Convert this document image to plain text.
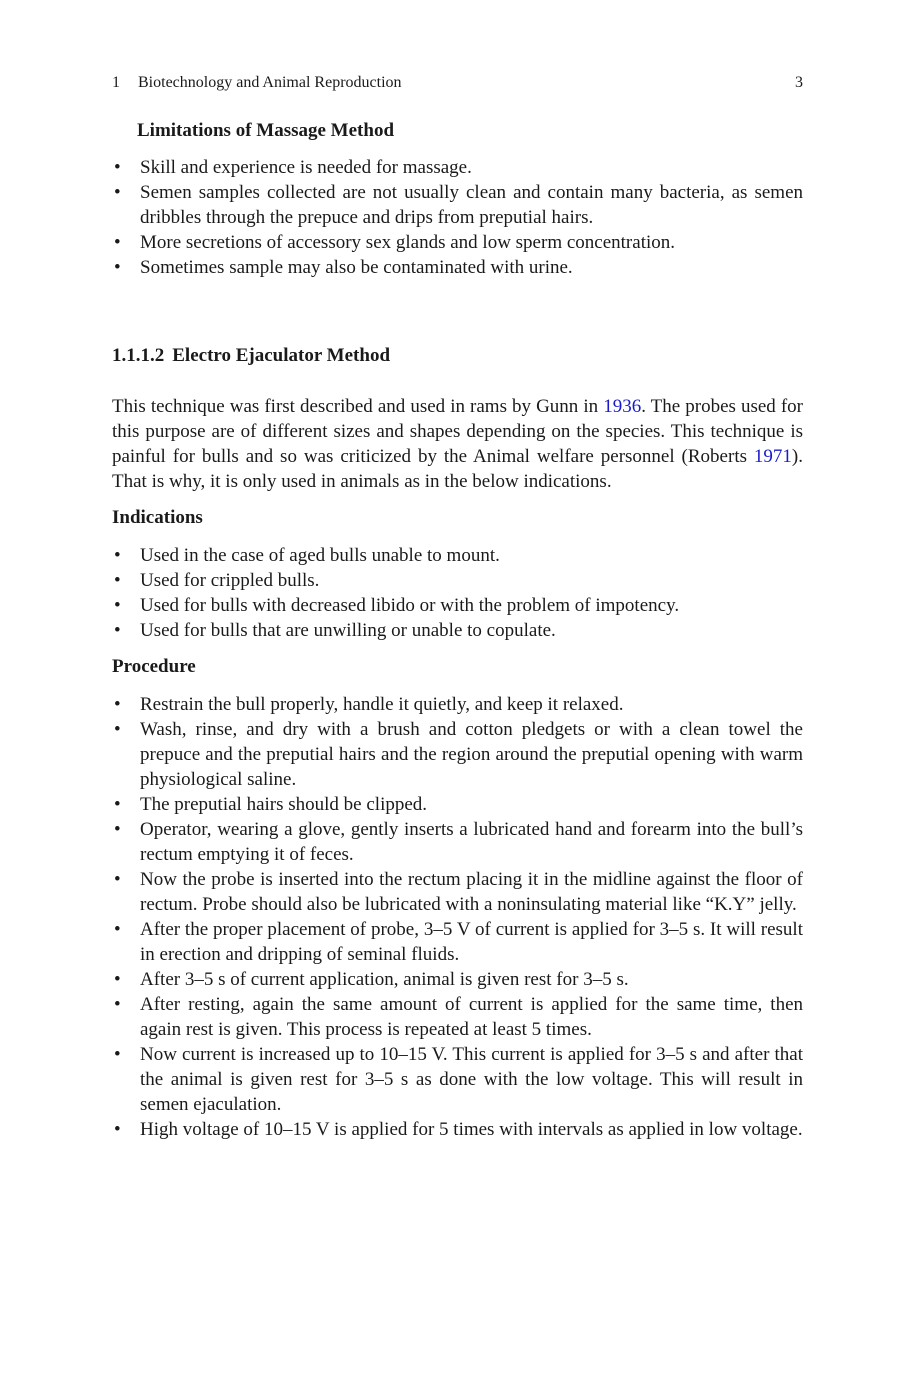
1 Biotechnology and Animal Reproduction	3
Limitations of Massage Method
• Skill and experience is needed for massage.
• Semen samples collected are not usually clean and contain many bacteria, as semen dribbles through the prepuce and drips from preputial hairs.
• More secretions of accessory sex glands and low sperm concentration.
• Sometimes sample may also be contaminated with urine.
1.1.1.2 Electro Ejaculator Method

This technique was first described and used in rams by Gunn in 1936. The probes used for this purpose are of different sizes and shapes depending on the species. This technique is painful for bulls and so was criticized by the Animal welfare personnel (Roberts 1971). That is why, it is only used in animals as in the below indications.

Indications
• Used in the case of aged bulls unable to mount.
• Used for crippled bulls.
• Used for bulls with decreased libido or with the problem of impotency.
• Used for bulls that are unwilling or unable to copulate.
Procedure
• Restrain the bull properly, handle it quietly, and keep it relaxed.
• Wash, rinse, and dry with a brush and cotton pledgets or with a clean towel the prepuce and the preputial hairs and the region around the preputial opening with warm physiological saline.
• The preputial hairs should be clipped.
• Operator, wearing a glove, gently inserts a lubricated hand and forearm into the bull’s rectum emptying it of feces.
• Now the probe is inserted into the rectum placing it in the midline against the floor of rectum. Probe should also be lubricated with a noninsulating material like “K.Y” jelly.
• After the proper placement of probe, 3–5 V of current is applied for 3–5 s. It will result in erection and dripping of seminal fluids.
• After 3–5 s of current application, animal is given rest for 3–5 s.
• After resting, again the same amount of current is applied for the same time, then again rest is given. This process is repeated at least 5 times.
• Now current is increased up to 10–15 V. This current is applied for 3–5 s and after that the animal is given rest for 3–5 s as done with the low voltage. This will result in semen ejaculation.
• High voltage of 10–15 V is applied for 5 times with intervals as applied in low voltage.
